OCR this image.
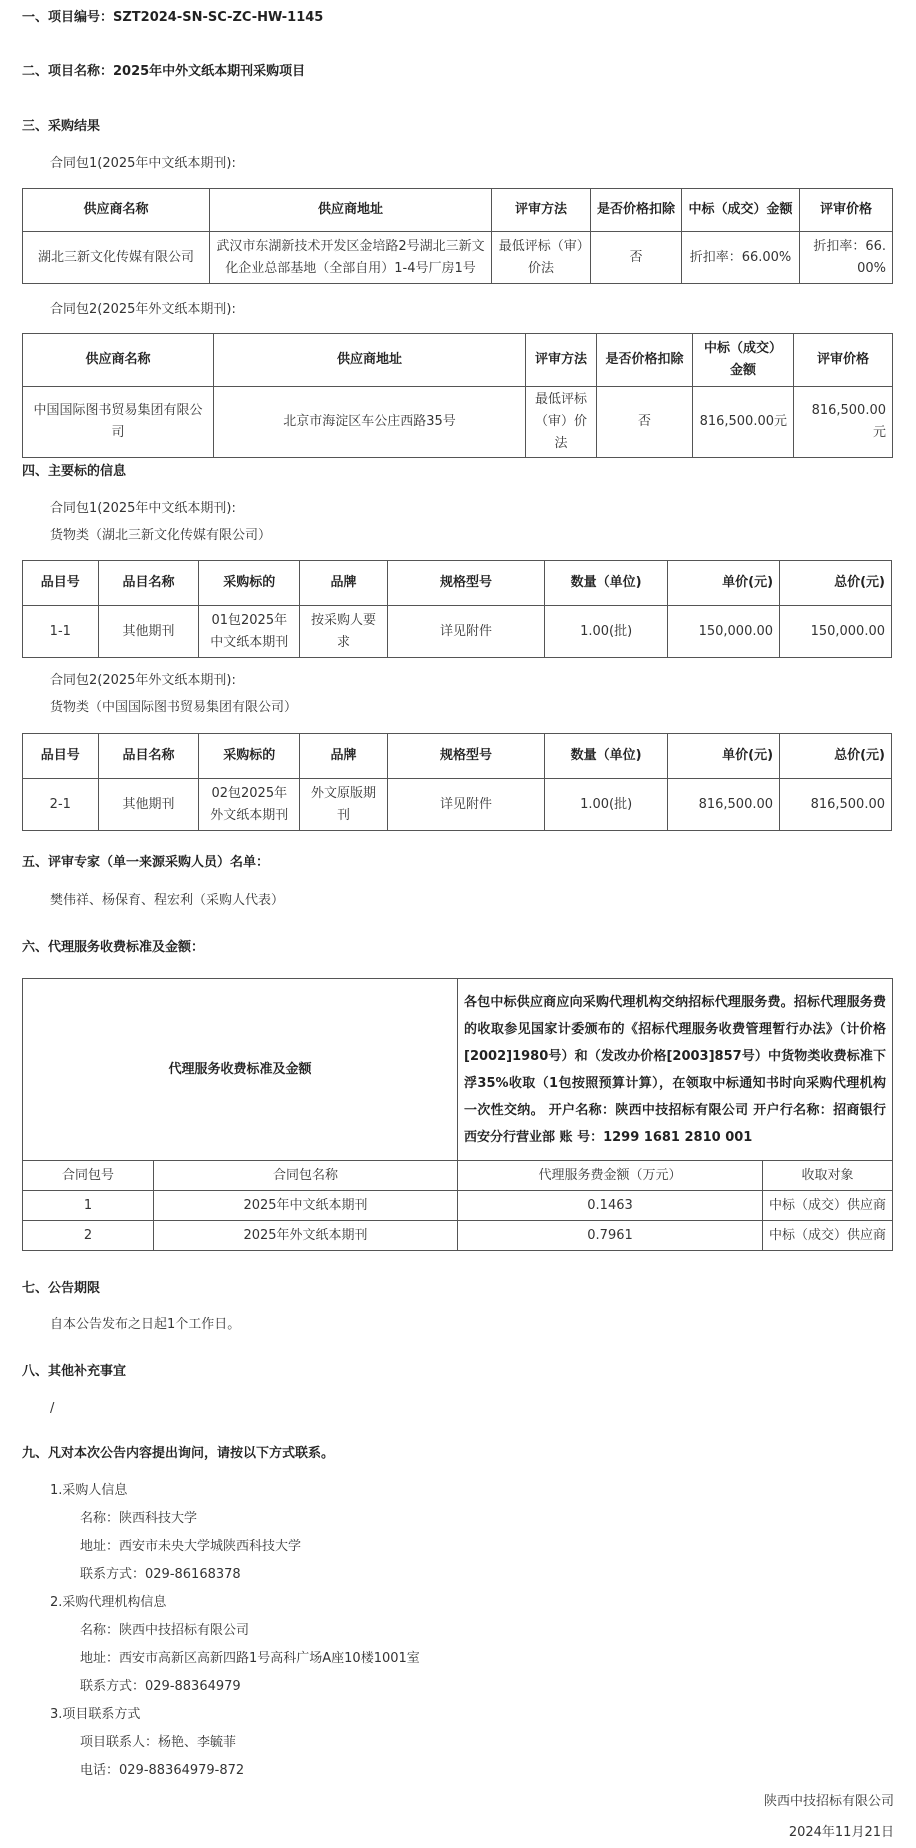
一、项目编号：SZT2024-SN-SC-ZC-HW-1145
二、项目名称：2025年中外文纸本期刊采购项目
三、采购结果
合同包1(2025年中文纸本期刊):
供应商名称	供应商地址	评审方法	是否价格扣除	中标（成交）金额	评审价格
湖北三新文化传媒有限公司	武汉市东湖新技术开发区金培路2号湖北三新文化企业总部基地（全部自用）1-4号厂房1号	最低评标（审）价法	否	折扣率：66.00%	折扣率：66.00%
合同包2(2025年外文纸本期刊):
供应商名称	供应商地址	评审方法	是否价格扣除	中标（成交）金额	评审价格
中国国际图书贸易集团有限公司	北京市海淀区车公庄西路35号	最低评标（审）价法	否	816,500.00元	816,500.00元
四、主要标的信息
合同包1(2025年中文纸本期刊):
货物类（湖北三新文化传媒有限公司）
品目号	品目名称	采购标的	品牌	规格型号	数量（单位)	单价(元)	总价(元)
1-1	其他期刊	01包2025年中文纸本期刊	按采购人要求	详见附件	1.00(批)	150,000.00	150,000.00
合同包2(2025年外文纸本期刊):
货物类（中国国际图书贸易集团有限公司）
品目号	品目名称	采购标的	品牌	规格型号	数量（单位)	单价(元)	总价(元)
2-1	其他期刊	02包2025年外文纸本期刊	外文原版期刊	详见附件	1.00(批)	816,500.00	816,500.00
五、评审专家（单一来源采购人员）名单：
樊伟祥、杨保育、程宏利（采购人代表）
六、代理服务收费标准及金额：
代理服务收费标准及金额		各包中标供应商应向采购代理机构交纳招标代理服务费。招标代理服务费的收取参见国家计委颁布的《招标代理服务收费管理暂行办法》（计价格[2002]1980号）和（发改办价格[2003]857号）中货物类收费标准下浮35%收取（1包按照预算计算），在领取中标通知书时向采购代理机构一次性交纳。 开户名称：陕西中技招标有限公司 开户行名称：招商银行西安分行营业部 账 号：1299 1681 2810 001	
合同包号	合同包名称	代理服务费金额（万元）	收取对象
1	2025年中文纸本期刊	0.1463	中标（成交）供应商
2	2025年外文纸本期刊	0.7961	中标（成交）供应商
七、公告期限
自本公告发布之日起1个工作日。
八、其他补充事宜
/
九、凡对本次公告内容提出询问，请按以下方式联系。
1.采购人信息
名称：陕西科技大学
地址：西安市未央大学城陕西科技大学
联系方式：029-86168378
2.采购代理机构信息
名称：陕西中技招标有限公司
地址：西安市高新区高新四路1号高科广场A座10楼1001室
联系方式：029-88364979
3.项目联系方式
项目联系人：杨艳、李毓菲
电话：029-88364979-872
陕西中技招标有限公司
2024年11月21日
